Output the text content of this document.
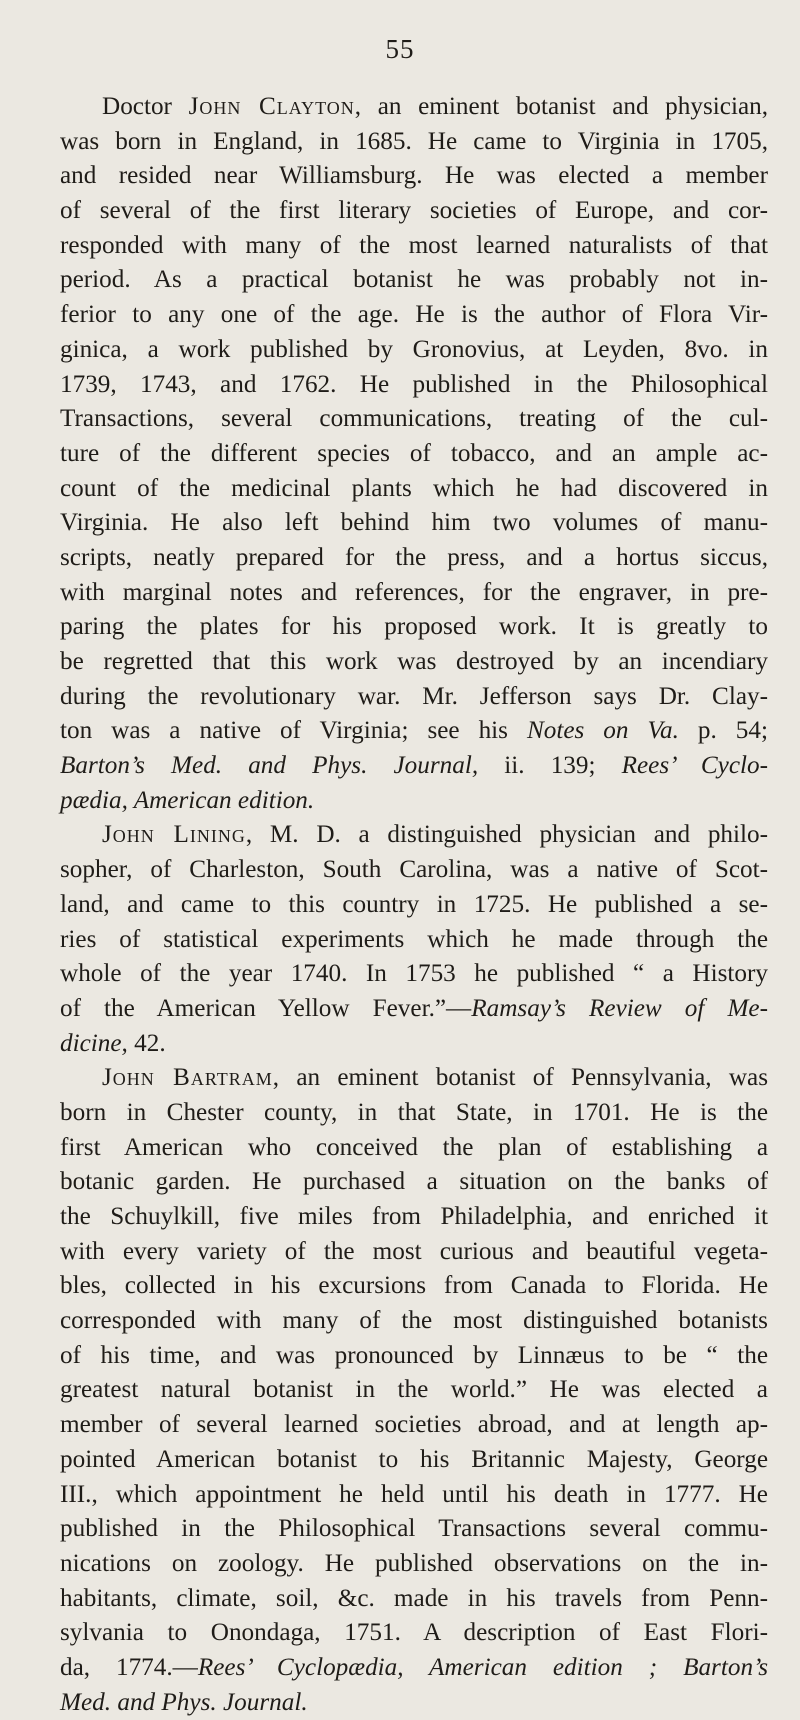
55
Doctor John Clayton, an eminent botanist and physician,
was born in England, in 1685. He came to Virginia in 1705,
and resided near Williamsburg. He was elected a member
of several of the first literary societies of Europe, and cor-
responded with many of the most learned naturalists of that
period. As a practical botanist he was probably not in-
ferior to any one of the age. He is the author of Flora Vir-
ginica, a work published by Gronovius, at Leyden, 8vo. in
1739, 1743, and 1762. He published in the Philosophical
Transactions, several communications, treating of the cul-
ture of the different species of tobacco, and an ample ac-
count of the medicinal plants which he had discovered in
Virginia. He also left behind him two volumes of manu-
scripts, neatly prepared for the press, and a hortus siccus,
with marginal notes and references, for the engraver, in pre-
paring the plates for his proposed work. It is greatly to
be regretted that this work was destroyed by an incendiary
during the revolutionary war. Mr. Jefferson says Dr. Clay-
ton was a native of Virginia; see his Notes on Va. p. 54;
Barton’s Med. and Phys. Journal, ii. 139; Rees’ Cyclo-
pædia, American edition.
John Lining, M. D. a distinguished physician and philo-
sopher, of Charleston, South Carolina, was a native of Scot-
land, and came to this country in 1725. He published a se-
ries of statistical experiments which he made through the
whole of the year 1740. In 1753 he published “ a History
of the American Yellow Fever.”—Ramsay’s Review of Me-
dicine, 42.
John Bartram, an eminent botanist of Pennsylvania, was
born in Chester county, in that State, in 1701. He is the
first American who conceived the plan of establishing a
botanic garden. He purchased a situation on the banks of
the Schuylkill, five miles from Philadelphia, and enriched it
with every variety of the most curious and beautiful vegeta-
bles, collected in his excursions from Canada to Florida. He
corresponded with many of the most distinguished botanists
of his time, and was pronounced by Linnæus to be “ the
greatest natural botanist in the world.” He was elected a
member of several learned societies abroad, and at length ap-
pointed American botanist to his Britannic Majesty, George
III., which appointment he held until his death in 1777. He
published in the Philosophical Transactions several commu-
nications on zoology. He published observations on the in-
habitants, climate, soil, &c. made in his travels from Penn-
sylvania to Onondaga, 1751. A description of East Flori-
da, 1774.—Rees’ Cyclopædia, American edition ; Barton’s
Med. and Phys. Journal.
